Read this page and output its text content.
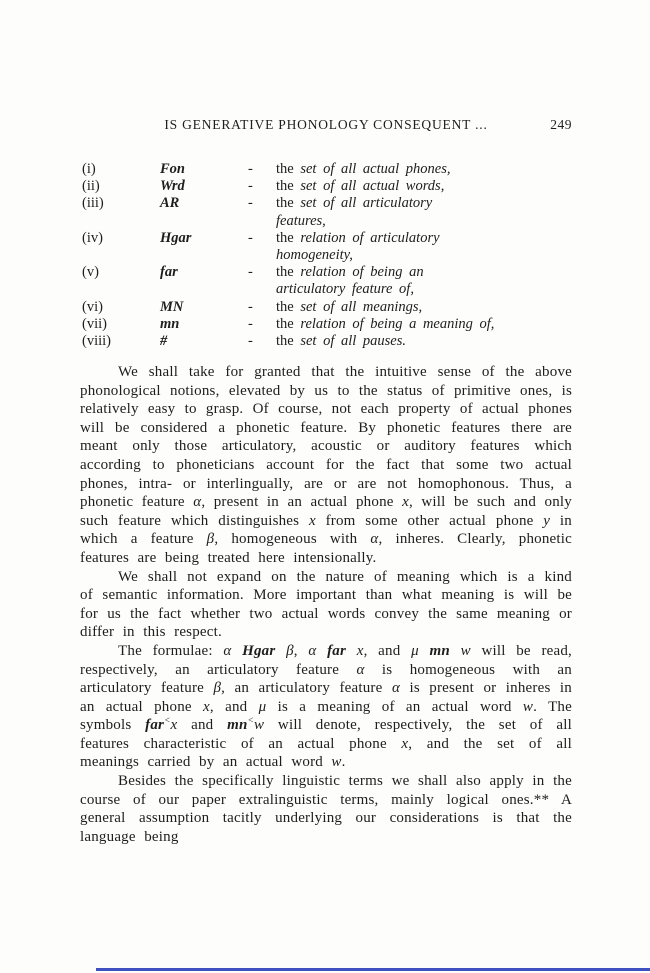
IS GENERATIVE PHONOLOGY CONSEQUENT ...	249
(i)	Fon	-	the set of all actual phones,
(ii)	Wrd	-	the set of all actual words,
(iii)	AR	-	the set of all articulatory
features,
(iv)	Hgar	-	the relation of articulatory
homogeneity,
(v)	far	-	the relation of being an
articulatory feature of,
(vi)	MN	-	the set of all meanings,
(vii)	mn	-	the relation of being a meaning of,
(viii)	#	-	the set of all pauses.

We shall take for granted that the intuitive sense of the above phonological notions, elevated by us to the status of primitive ones, is relatively easy to grasp. Of course, not each property of actual phones will be considered a phonetic feature. By phonetic features there are meant only those articulatory, acoustic or auditory features which according to phoneticians account for the fact that some two actual phones, intra- or interlingually, are or are not homophonous. Thus, a phonetic feature α, present in an actual phone x, will be such and only such feature which distinguishes x from some other actual phone y in which a feature β, homogeneous with α, inheres. Clearly, phonetic features are being treated here intensionally.

We shall not expand on the nature of meaning which is a kind of semantic information. More important than what meaning is will be for us the fact whether two actual words convey the same meaning or differ in this respect.

The formulae: α Hgar β, α far x, and μ mn w will be read, respectively, an articulatory feature α is homogeneous with an articulatory feature β, an articulatory feature α is present or inheres in an actual phone x, and μ is a meaning of an actual word w. The symbols far<x and mn<w will denote, respectively, the set of all features characteristic of an actual phone x, and the set of all meanings carried by an actual word w.

Besides the specifically linguistic terms we shall also apply in the course of our paper extralinguistic terms, mainly logical ones.** A general assumption tacitly underlying our considerations is that the language being
